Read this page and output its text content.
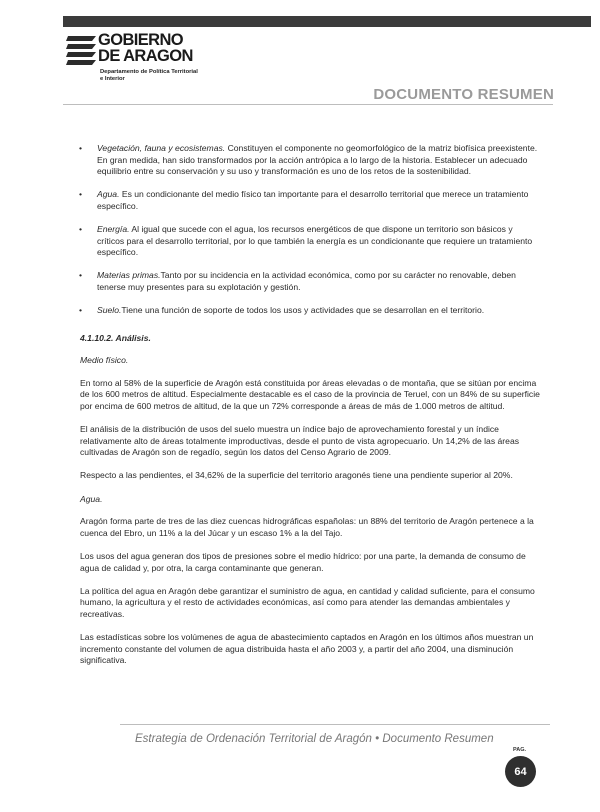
GOBIERNO
DE ARAGON
Departamento de Política Territorial
e Interior
DOCUMENTO RESUMEN
• Vegetación, fauna y ecosistemas. Constituyen el componente no geomorfológico de la matriz biofísica preexistente. En gran medida, han sido transformados por la acción antrópica a lo largo de la historia. Establecer un adecuado equilibrio entre su conservación y su uso y transformación es uno de los retos de la sostenibilidad.
• Agua. Es un condicionante del medio físico tan importante para el desarrollo territorial que merece un tratamiento específico.
• Energía. Al igual que sucede con el agua, los recursos energéticos de que dispone un territorio son básicos y críticos para el desarrollo territorial, por lo que también la energía es un condicionante que requiere un tratamiento específico.
• Materias primas.Tanto por su incidencia en la actividad económica, como por su carácter no renovable, deben tenerse muy presentes para su explotación y gestión.
• Suelo.Tiene una función de soporte de todos los usos y actividades que se desarrollan en el territorio.
4.1.10.2. Análisis.
Medio físico.

En torno al 58% de la superficie de Aragón está constituida por áreas elevadas o de montaña, que se sitúan por encima de los 600 metros de altitud. Especialmente destacable es el caso de la provincia de Teruel, con un 84% de su superficie por encima de 600 metros de altitud, de la que un 72% corresponde a áreas de más de 1.000 metros de altitud.

El análisis de la distribución de usos del suelo muestra un índice bajo de aprovechamiento forestal y un índice relativamente alto de áreas totalmente improductivas, desde el punto de vista agropecuario. Un 14,2% de las áreas cultivadas de Aragón son de regadío, según los datos del Censo Agrario de 2009.

Respecto a las pendientes, el 34,62% de la superficie del territorio aragonés tiene una pendiente superior al 20%.

Agua.

Aragón forma parte de tres de las diez cuencas hidrográficas españolas: un 88% del territorio de Aragón pertenece a la cuenca del Ebro, un 11% a la del Júcar y un escaso 1% a la del Tajo.

Los usos del agua generan dos tipos de presiones sobre el medio hídrico: por una parte, la demanda de consumo de agua de calidad y, por otra, la carga contaminante que generan.

La política del agua en Aragón debe garantizar el suministro de agua, en cantidad y calidad suficiente, para el consumo humano, la agricultura y el resto de actividades económicas, así como para atender las demandas ambientales y recreativas.

Las estadísticas sobre los volúmenes de agua de abastecimiento captados en Aragón en los últimos años muestran un incremento constante del volumen de agua distribuida hasta el año 2003 y, a partir del año 2004, una disminución significativa.

Estrategia de Ordenación Territorial de Aragón • Documento Resumen
PAG.
64
